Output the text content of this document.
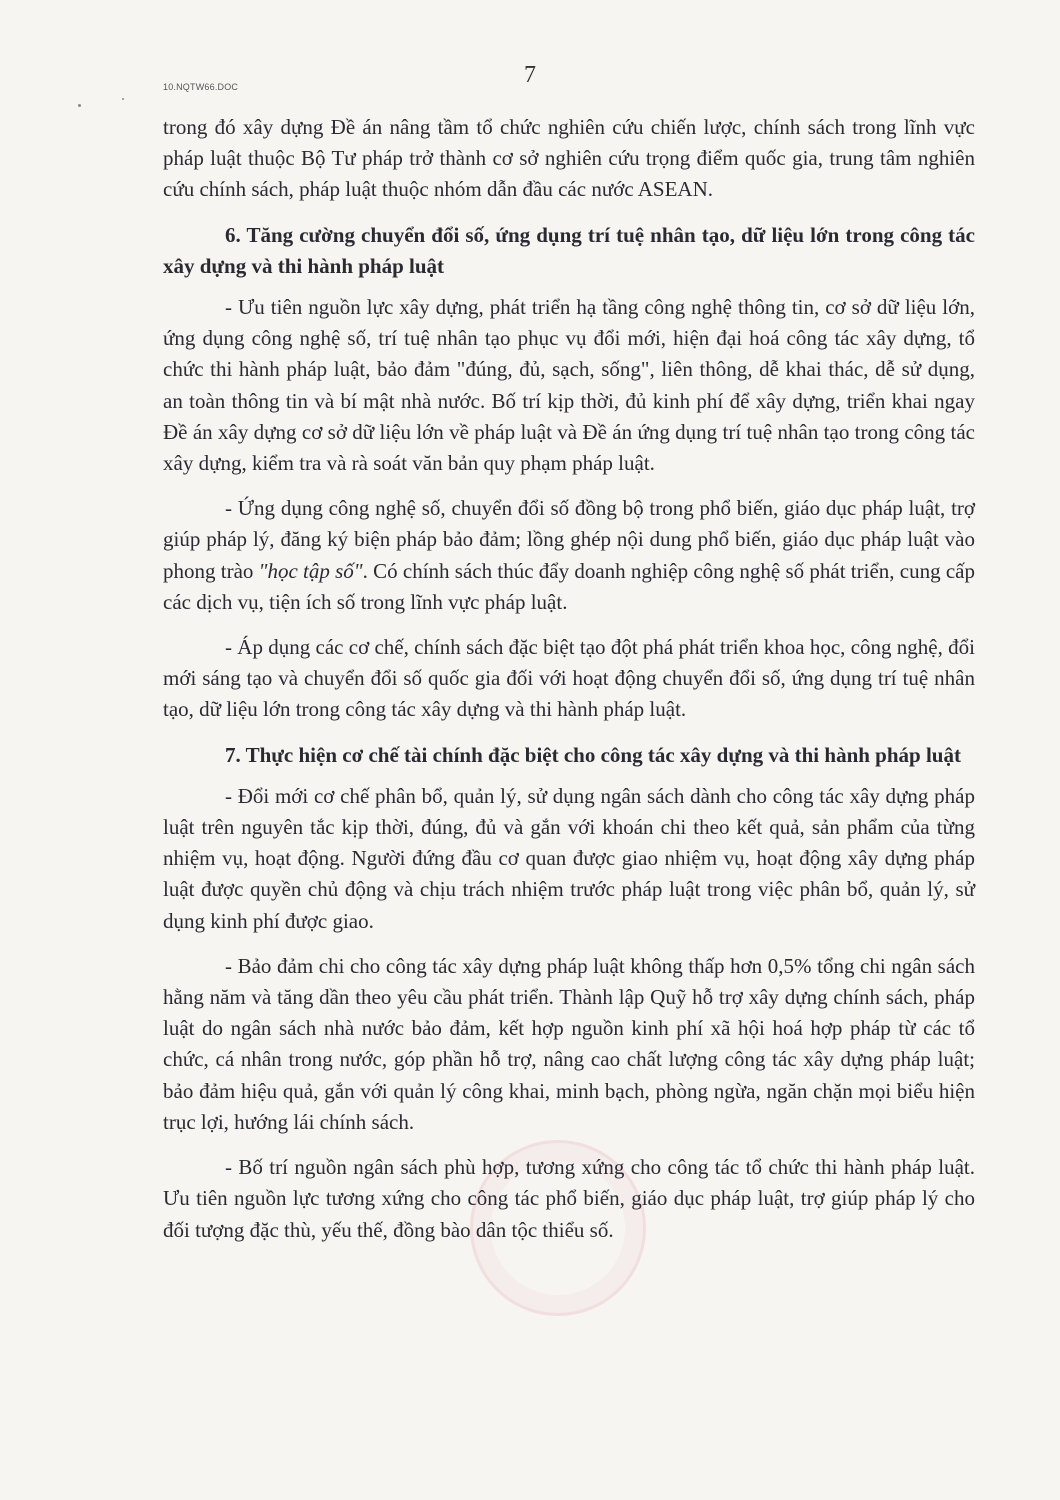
10.NQTW66.DOC	7

trong đó xây dựng Đề án nâng tầm tổ chức nghiên cứu chiến lược, chính sách trong lĩnh vực pháp luật thuộc Bộ Tư pháp trở thành cơ sở nghiên cứu trọng điểm quốc gia, trung tâm nghiên cứu chính sách, pháp luật thuộc nhóm dẫn đầu các nước ASEAN.

6. Tăng cường chuyển đổi số, ứng dụng trí tuệ nhân tạo, dữ liệu lớn trong công tác xây dựng và thi hành pháp luật

- Ưu tiên nguồn lực xây dựng, phát triển hạ tầng công nghệ thông tin, cơ sở dữ liệu lớn, ứng dụng công nghệ số, trí tuệ nhân tạo phục vụ đổi mới, hiện đại hoá công tác xây dựng, tổ chức thi hành pháp luật, bảo đảm "đúng, đủ, sạch, sống", liên thông, dễ khai thác, dễ sử dụng, an toàn thông tin và bí mật nhà nước. Bố trí kịp thời, đủ kinh phí để xây dựng, triển khai ngay Đề án xây dựng cơ sở dữ liệu lớn về pháp luật và Đề án ứng dụng trí tuệ nhân tạo trong công tác xây dựng, kiểm tra và rà soát văn bản quy phạm pháp luật.

- Ứng dụng công nghệ số, chuyển đổi số đồng bộ trong phổ biến, giáo dục pháp luật, trợ giúp pháp lý, đăng ký biện pháp bảo đảm; lồng ghép nội dung phổ biến, giáo dục pháp luật vào phong trào "học tập số". Có chính sách thúc đẩy doanh nghiệp công nghệ số phát triển, cung cấp các dịch vụ, tiện ích số trong lĩnh vực pháp luật.

- Áp dụng các cơ chế, chính sách đặc biệt tạo đột phá phát triển khoa học, công nghệ, đổi mới sáng tạo và chuyển đổi số quốc gia đối với hoạt động chuyển đổi số, ứng dụng trí tuệ nhân tạo, dữ liệu lớn trong công tác xây dựng và thi hành pháp luật.

7. Thực hiện cơ chế tài chính đặc biệt cho công tác xây dựng và thi hành pháp luật

- Đổi mới cơ chế phân bổ, quản lý, sử dụng ngân sách dành cho công tác xây dựng pháp luật trên nguyên tắc kịp thời, đúng, đủ và gắn với khoán chi theo kết quả, sản phẩm của từng nhiệm vụ, hoạt động. Người đứng đầu cơ quan được giao nhiệm vụ, hoạt động xây dựng pháp luật được quyền chủ động và chịu trách nhiệm trước pháp luật trong việc phân bổ, quản lý, sử dụng kinh phí được giao.

- Bảo đảm chi cho công tác xây dựng pháp luật không thấp hơn 0,5% tổng chi ngân sách hằng năm và tăng dần theo yêu cầu phát triển. Thành lập Quỹ hỗ trợ xây dựng chính sách, pháp luật do ngân sách nhà nước bảo đảm, kết hợp nguồn kinh phí xã hội hoá hợp pháp từ các tổ chức, cá nhân trong nước, góp phần hỗ trợ, nâng cao chất lượng công tác xây dựng pháp luật; bảo đảm hiệu quả, gắn với quản lý công khai, minh bạch, phòng ngừa, ngăn chặn mọi biểu hiện trục lợi, hướng lái chính sách.

- Bố trí nguồn ngân sách phù hợp, tương xứng cho công tác tổ chức thi hành pháp luật. Ưu tiên nguồn lực tương xứng cho công tác phổ biến, giáo dục pháp luật, trợ giúp pháp lý cho đối tượng đặc thù, yếu thế, đồng bào dân tộc thiểu số.
